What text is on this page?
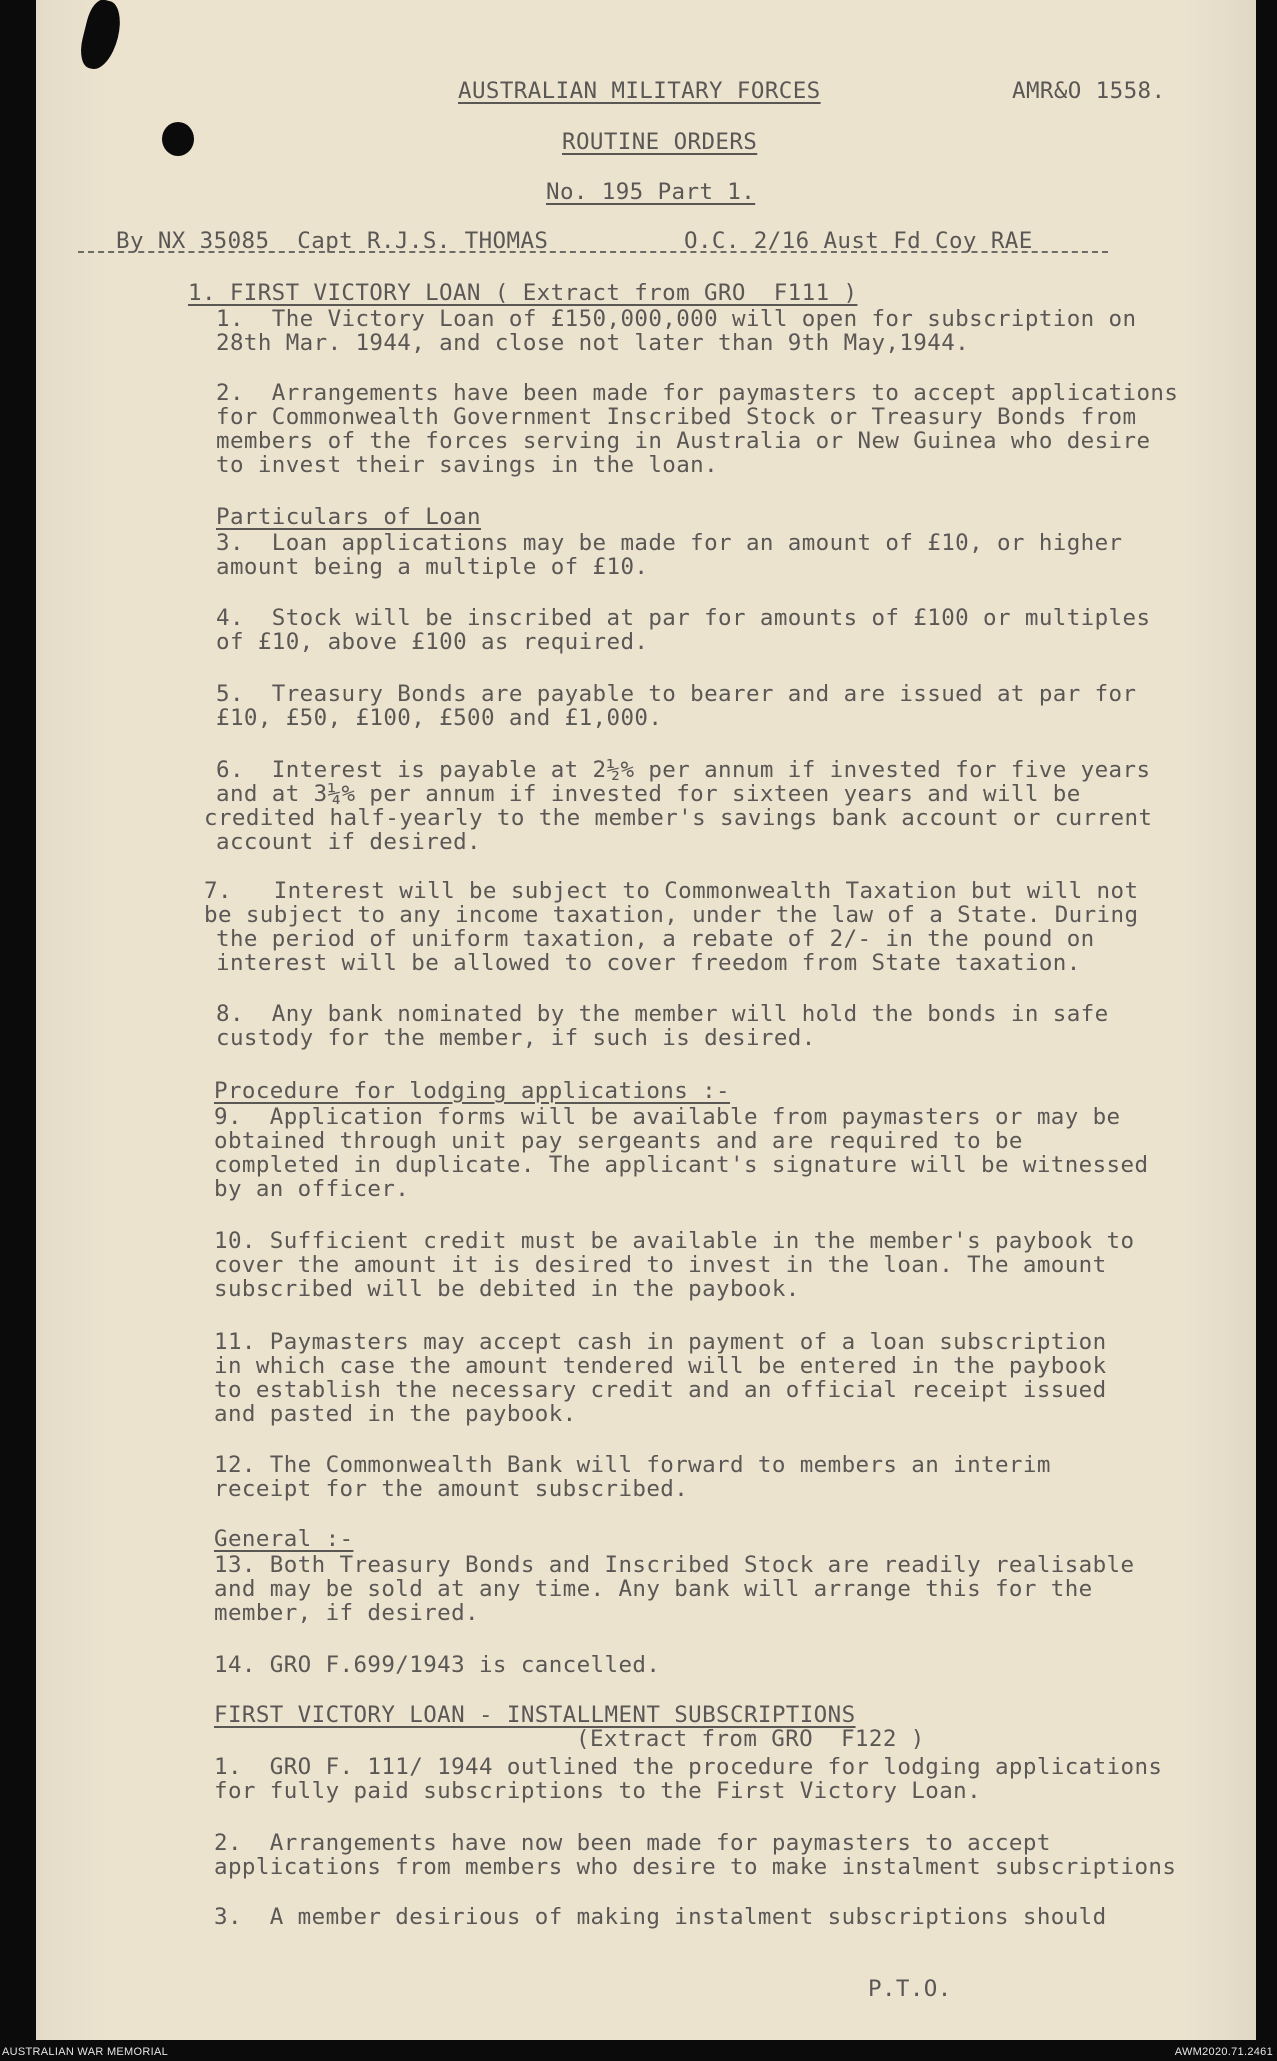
AUSTRALIAN MILITARY FORCES	AMR&O 1558.
ROUTINE ORDERS
No. 195 Part 1.
By NX 35085  Capt R.J.S. THOMAS	O.C. 2/16 Aust Fd Coy RAE
1. FIRST VICTORY LOAN ( Extract from GRO  F111 )
1.  The Victory Loan of £150,000,000 will open for subscription on
28th Mar. 1944, and close not later than 9th May,1944.
2.  Arrangements have been made for paymasters to accept applications
for Commonwealth Government Inscribed Stock or Treasury Bonds from
members of the forces serving in Australia or New Guinea who desire
to invest their savings in the loan.
Particulars of Loan
3.  Loan applications may be made for an amount of £10, or higher
amount being a multiple of £10.
4.  Stock will be inscribed at par for amounts of £100 or multiples
of £10, above £100 as required.
5.  Treasury Bonds are payable to bearer and are issued at par for
£10, £50, £100, £500 and £1,000.
6.  Interest is payable at 2½% per annum if invested for five years
and at 3¼% per annum if invested for sixteen years and will be
credited half-yearly to the member's savings bank account or current
account if desired.
7.   Interest will be subject to Commonwealth Taxation but will not
be subject to any income taxation, under the law of a State. During
the period of uniform taxation, a rebate of 2/- in the pound on
interest will be allowed to cover freedom from State taxation.
8.  Any bank nominated by the member will hold the bonds in safe
custody for the member, if such is desired.
Procedure for lodging applications :-
9.  Application forms will be available from paymasters or may be
obtained through unit pay sergeants and are required to be
completed in duplicate. The applicant's signature will be witnessed
by an officer.
10. Sufficient credit must be available in the member's paybook to
cover the amount it is desired to invest in the loan. The amount
subscribed will be debited in the paybook.
11. Paymasters may accept cash in payment of a loan subscription
in which case the amount tendered will be entered in the paybook
to establish the necessary credit and an official receipt issued
and pasted in the paybook.
12. The Commonwealth Bank will forward to members an interim
receipt for the amount subscribed.
General :-
13. Both Treasury Bonds and Inscribed Stock are readily realisable
and may be sold at any time. Any bank will arrange this for the
member, if desired.
14. GRO F.699/1943 is cancelled.
FIRST VICTORY LOAN - INSTALLMENT SUBSCRIPTIONS
(Extract from GRO  F122 )
1.  GRO F. 111/ 1944 outlined the procedure for lodging applications
for fully paid subscriptions to the First Victory Loan.
2.  Arrangements have now been made for paymasters to accept
applications from members who desire to make instalment subscriptions
3.  A member desirious of making instalment subscriptions should
P.T.O.
AUSTRALIAN WAR MEMORIAL	AWM2020.71.2461
